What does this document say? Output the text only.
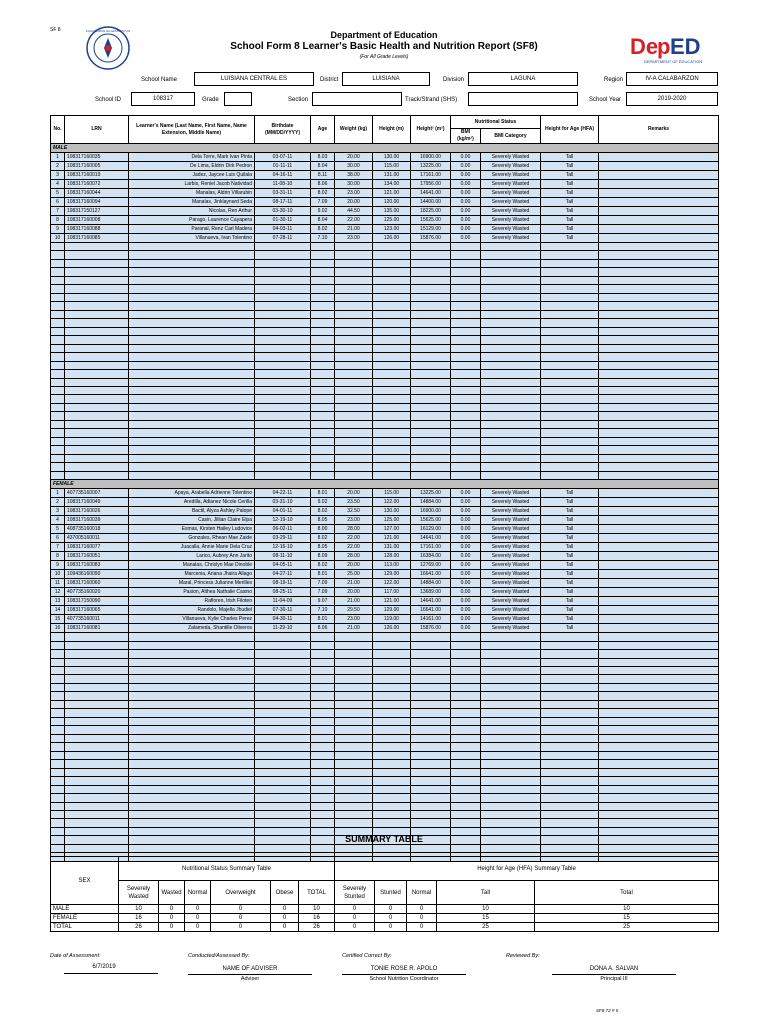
SF 8	KAGAWARAN NG EDUKASYON	Department of Education
School Form 8 Learner's Basic Health and Nutrition Report (SF8)
(For All Grade Levels)	De
p ED
DEPARTMENT OF EDUCATION
School Name	LUISIANA CENTRAL ES	District	LUISIANA	Division	LAGUNA	Region	IV-A CALABARZON
School ID	108317	Grade	Section	Track/Strand (SHS)	School Year	2019-2020
No.	LRN	Learner's Name (Last Name, First Name, Name Extension, Middle Name)	Birthdate (MM/DD/YYYY)	Age	Weight (kg)	Height (m)	Height² (m²)	Nutritional Status		Height for Age (HFA)	Remarks
								BMI (kg/m²)	BMI Category		
MALE											
1	108317160035	Dela Torre, Mark Ivan Pinta	03-07-11	8.03	20.00	130.00	16900.00	0.00	Severely Wasted	Tall	
2	108317160005	De Lima, Eldrin Dirk Pedron	01-11-11	8.04	30.00	115.00	13225.00	0.00	Severely Wasted	Tall	
3	108317160019	Jadez, Jaycee Luis Quilala	04-16-11	8.11	38.00	131.00	17161.00	0.00	Severely Wasted	Tall	
4	108317160072	Larbis, Reniel Jacob Natividad	11-08-10	8.06	30.00	134.00	17956.00	0.00	Severely Wasted	Tall	
5	108317160044	Manalas, Aldrin Villarubin	03-31-11	8.02	23.00	121.00	14641.00	0.00	Severely Wasted	Tall	
6	108317160094	Manalas, Jinklaynard Seda	08-17-11	7.09	20.00	120.00	14400.00	0.00	Severely Wasted	Tall	
7	198317150127	Nicolas, Ren Arthur	03-30-10	9.02	44.50	135.00	18225.00	0.00	Severely Wasted	Tall	
8	108317160008	Parago, Laurence Cayapera	01-30-11	8.04	22.00	125.00	15625.00	0.00	Severely Wasted	Tall	
9	108317160088	Paranal, Renz Carl Madera	04-03-11	8.02	21.00	123.00	15129.00	0.00	Severely Wasted	Tall	
10	108317160085	Villanueva, Ivan Tolentino	07-28-11	7.10	23.00	126.00	15876.00	0.00	Severely Wasted	Tall	

FEMALE											
1	407735160007	Apaya, Arabella Adrienne Tolentino	04-22-11	8.01	20.00	115.00	13225.00	0.00	Severely Wasted	Tall	
2	108317160049	Aredilla, Adianez Nicole Cerilla	03-31-10	9.02	23.50	122.00	14884.00	0.00	Severely Wasted	Tall	
3	108317160026	Bactil, Alyza Ashley Palope	04-01-11	8.02	32.50	130.00	16900.00	0.00	Severely Wasted	Tall	
4	108317160039	Casin, Jillian Claire Elpa	12-19-10	8.05	23.00	125.00	15625.00	0.00	Severely Wasted	Tall	
5	408735160018	Esmas, Kirsten Hailey Ludovice	06-02-11	8.00	28.00	127.00	16129.00	0.00	Severely Wasted	Tall	
6	437005160011	Gonzales, Rhean Mae Zaide	03-29-11	8.02	22.00	121.00	14641.00	0.00	Severely Wasted	Tall	
7	108317160077	Juacalla, Annie Marie Dela Cruz	12-16-10	8.05	22.00	131.00	17161.00	0.00	Severely Wasted	Tall	
8	108317160051	Larico, Aubrey Ann Jarito	08-11-10	8.09	28.00	128.00	16384.00	0.00	Severely Wasted	Tall	
9	108317160083	Manalas, Chrislyn Mae Dinoble	04-05-11	8.02	20.00	113.00	12769.00	0.00	Severely Wasted	Tall	
10	109436160090	Marcenia, Ariana Jhaira Allago	04-27-11	8.01	25.00	129.00	16641.00	0.00	Severely Wasted	Tall	
11	108317160060	Maral, Princess Julianne Merilles	08-19-11	7.09	21.00	122.00	14884.00	0.00	Severely Wasted	Tall	
12	407735160020	Pasion, Althea Nathalie Casino	08-25-11	7.09	20.00	117.00	13689.00	0.00	Severely Wasted	Tall	
13	108317150090	Rafloreo, Irish Filoteo	11-04-09	9.07	21.00	121.00	14641.00	0.00	Severely Wasted	Tall	
14	108317160065	Randolo, Majella Jhudiel	07-30-11	7.10	29.50	129.00	16641.00	0.00	Severely Wasted	Tall	
15	407735160011	Villanueva, Kylie Charles Perez	04-30-11	8.01	23.00	119.00	14161.00	0.00	Severely Wasted	Tall	
16	108317160081	Zalameda, Shantille Oliveros	11-29-10	8.06	21.00	126.00	15876.00	0.00	Severely Wasted	Tall	

SUMMARY TABLE
SEX	Nutritional Status Summary Table						Height for Age (HFA) Summary Table				
	Severely Wasted	Wasted	Normal	Overweight	Obese	TOTAL	Severely Stunted	Stunted	Normal	Tall	Total
MALE	10	0	0	0	0	10	0	0	0	10	10
FEMALE	16	0	0	0	0	16	0	0	0	15	15
TOTAL	26	0	0	0	0	26	0	0	0	25	25
Date of Assessment:
6/7/2019
Conducted/Assessed By:
NAME OF ADVISER
Adviser
Certified Correct By:
TONIE ROSE R. APOLO
School Nutrition Coordinator
Reviewed By:
DONA A. SALVAN
Principal III
SF8 T2 # II
